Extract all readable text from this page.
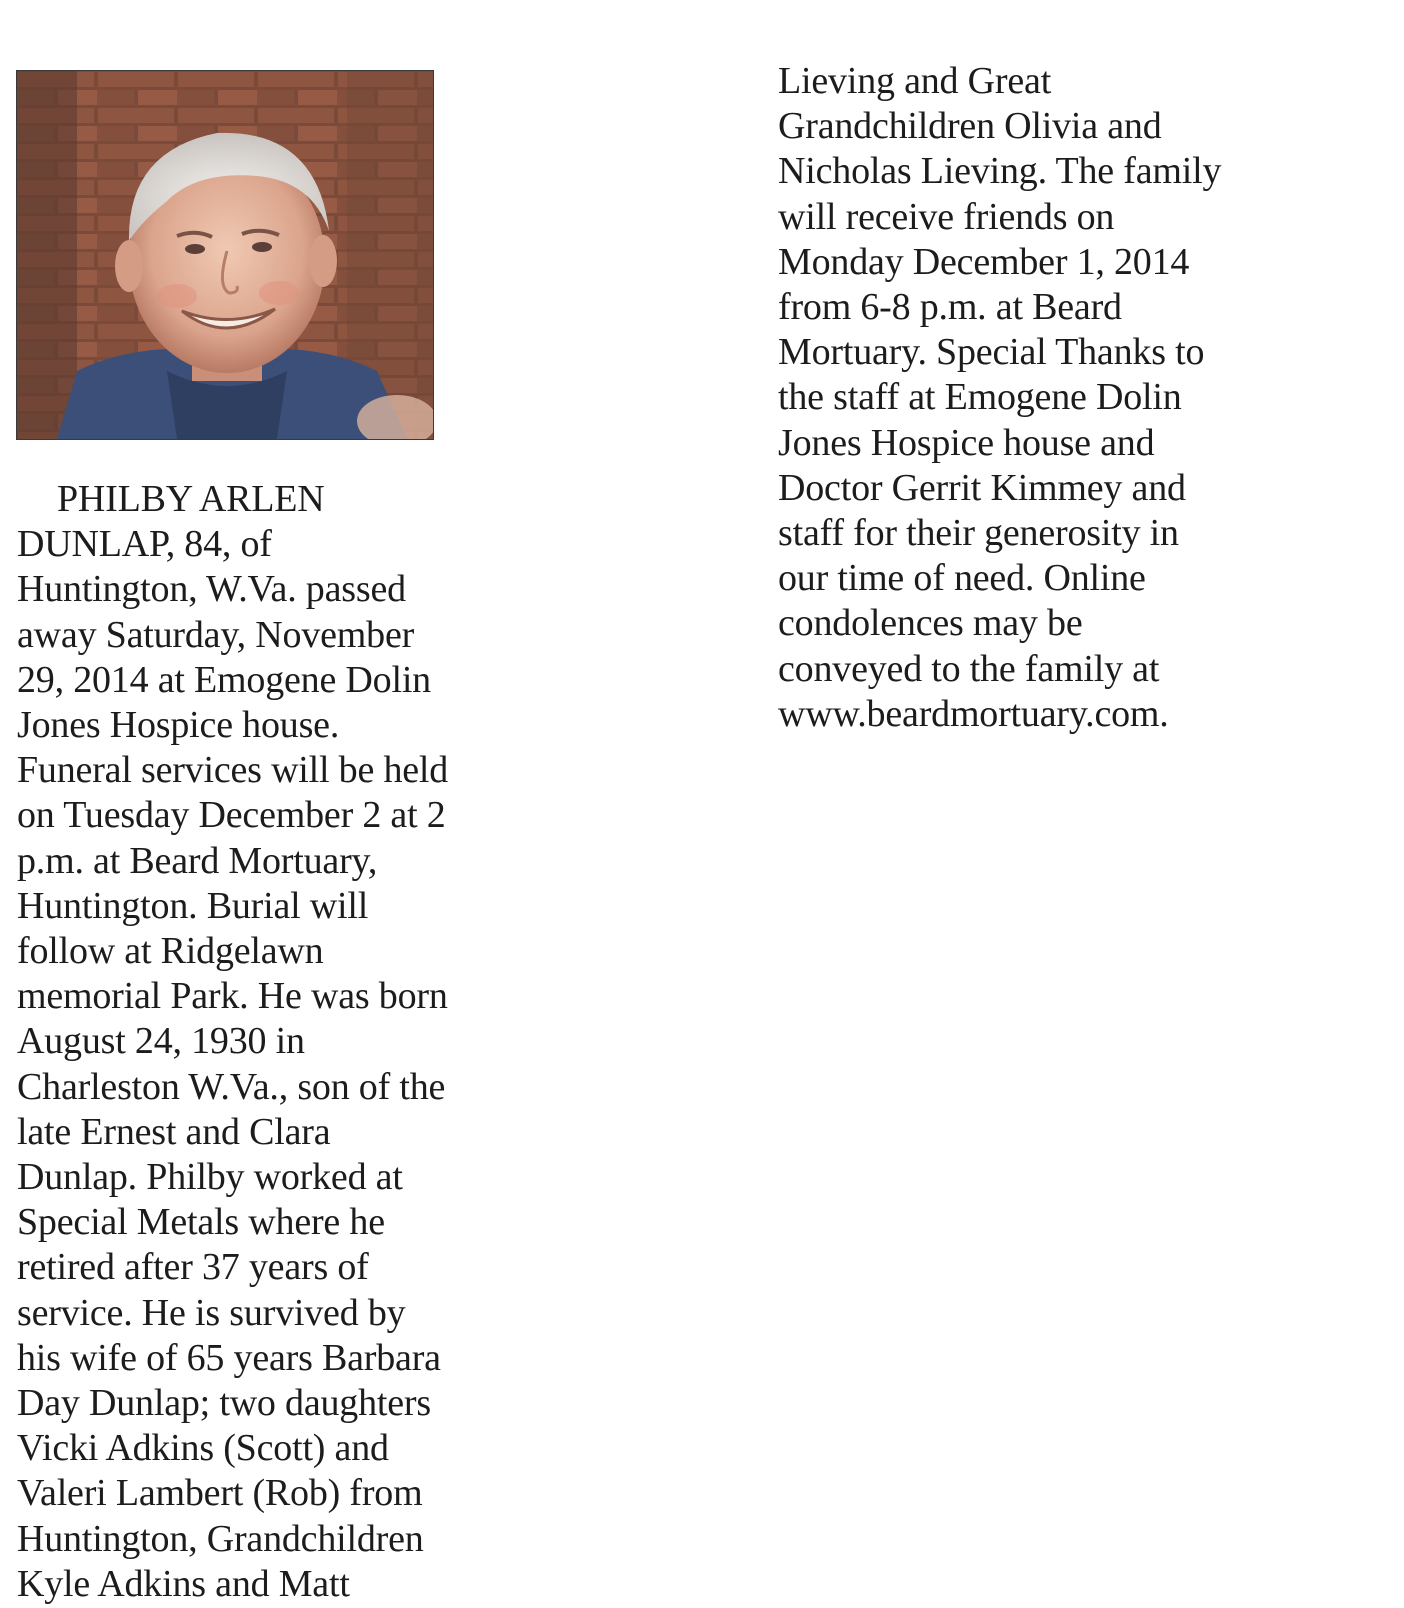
PHILBY ARLEN
DUNLAP, 84, of
Huntington, W.Va. passed
away Saturday, November
29, 2014 at Emogene Dolin
Jones Hospice house.
Funeral services will be held
on Tuesday December 2 at 2
p.m. at Beard Mortuary,
Huntington. Burial will
follow at Ridgelawn
memorial Park. He was born
August 24, 1930 in
Charleston W.Va., son of the
late Ernest and Clara
Dunlap. Philby worked at
Special Metals where he
retired after 37 years of
service. He is survived by
his wife of 65 years Barbara
Day Dunlap; two daughters
Vicki Adkins (Scott) and
Valeri Lambert (Rob) from
Huntington, Grandchildren
Kyle Adkins and Matt
Lieving and Great
Grandchildren Olivia and
Nicholas Lieving. The family
will receive friends on
Monday December 1, 2014
from 6-8 p.m. at Beard
Mortuary. Special Thanks to
the staff at Emogene Dolin
Jones Hospice house and
Doctor Gerrit Kimmey and
staff for their generosity in
our time of need. Online
condolences may be
conveyed to the family at
www.beardmortuary.com.
